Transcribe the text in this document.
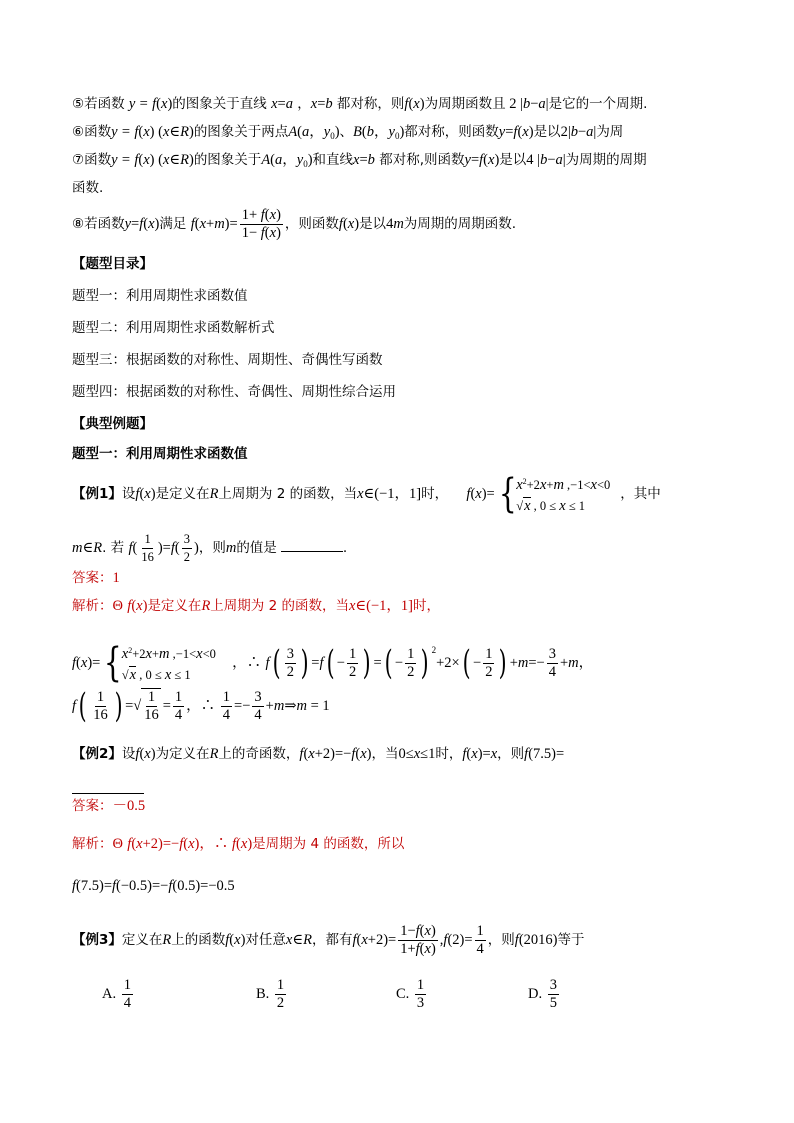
⑤若函数 y = f(x)的图象关于直线 x=a ，x=b 都对称，则f(x)为周期函数且 2 |b−a|是它的一个周期.
⑥函数y = f(x) (x∈R)的图象关于两点A(a，$y_0$)、B(b，$y_0$)都对称，则函数y=f(x)是以2|b−a|为周
⑦函数y = f(x) (x∈R)的图象关于A(a，$y_0$)和直线x=b 都对称,则函数y=f(x)是以4 |b−a|为周期的周期
函数.
⑧若函数y=f(x)满足 $f(x+m)= \frac{1+ f(x)}{1- f(x)}$ ，则函数f(x)是以4m为周期的周期函数.
【题型目录】
题型一：利用周期性求函数值
题型二：利用周期性求函数解析式
题型三：根据函数的对称性、周期性、奇偶性写函数
题型四：根据函数的对称性、奇偶性、周期性综合运用
【典型例题】
题型一：利用周期性求函数值
【例1】设f(x)是定义在R上周期为 2 的函数，当x∈(−1，1]时， f(x)={ $x^2+2x+m$ ,−1<x<0
√x , 0 ≤ x ≤ 1
，其中
m∈R. 若 $f( \frac{1}{16} )=f( \frac{3}{2}$ )，则m的值是	.
答案：1
解析：Θ f(x)是定义在R上周期为 2 的函数，当x∈(−1，1]时，
f(x)={ $x^2+2x+m$ ,−1<x<0
√x , 0 ≤ x ≤ 1
，∴ $f( \frac{3}{2}$ ) $=f( - \frac{1}{2}$ ) =( − $\frac{1}{2}$ ) $^2+2\times( - \frac{1}{2}$ ) $+m=- \frac{3}{4} +m$，
$f( \frac{1}{16}$ ) =√ $\frac{1}{16} = \frac{1}{4}$ ，∴ $\frac{1}{4} =- \frac{3}{4}$ +m⇒m = 1
【例2】设f(x)为定义在R上的奇函数，f(x+2)=−f(x)，当0≤x≤1时，f(x)=x，则f(7.5)=
答案：－0.5
解析：Θ f(x+2)=−f(x)，∴ f(x)是周期为 4 的函数，所以
f(7.5)=f(−0.5)=−f(0.5)=−0.5
【例3】定义在R上的函数f(x)对任意x∈R，都有$f(x+2)= \frac{1-f(x)}{1+f(x)} ,f(2)= \frac{1}{4}$ ，则f(2016)等于
A. $\frac{1}{4}$	B. $\frac{1}{2}$	C. $\frac{1}{3}$	D. $\frac{3}{5}$
